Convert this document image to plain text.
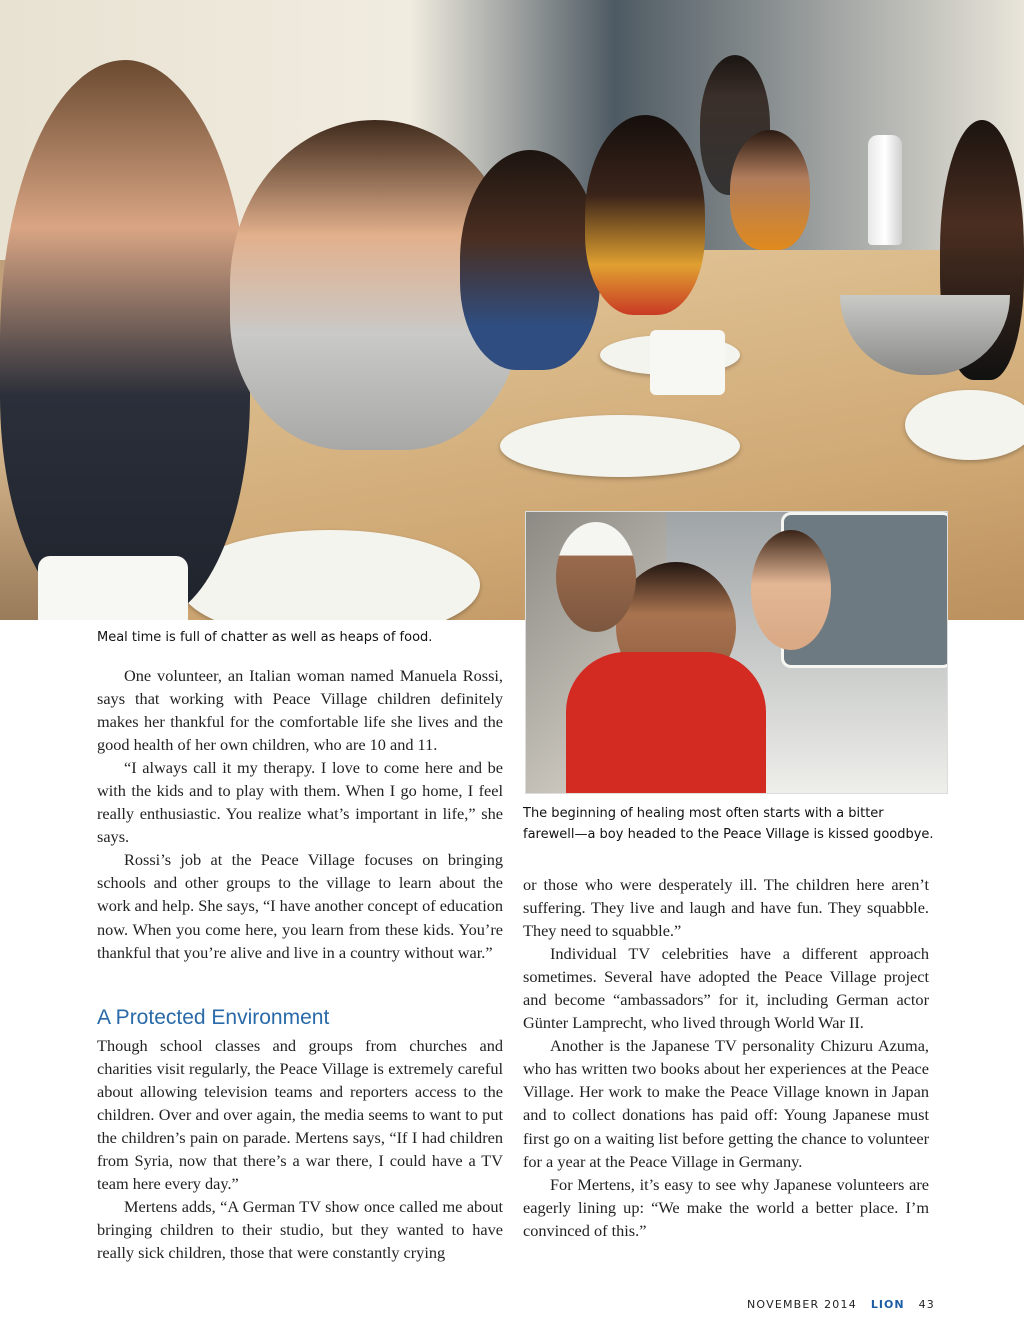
Meal time is full of chatter as well as heaps of food.
The beginning of healing most often starts with a bitter
farewell—a boy headed to the Peace Village is kissed goodbye.

One volunteer, an Italian woman named Manuela Rossi, says that working with Peace Village children definitely makes her thankful for the comfortable life she lives and the good health of her own children, who are 10 and 11.

“I always call it my therapy. I love to come here and be with the kids and to play with them. When I go home, I feel really enthusiastic. You realize what’s important in life,” she says.

Rossi’s job at the Peace Village focuses on bringing schools and other groups to the village to learn about the work and help. She says, “I have another concept of education now. When you come here, you learn from these kids. You’re thankful that you’re alive and live in a country without war.”

A Protected Environment

Though school classes and groups from churches and charities visit regularly, the Peace Village is extremely careful about allowing television teams and reporters access to the children. Over and over again, the media seems to want to put the children’s pain on parade. Mertens says, “If I had children from Syria, now that there’s a war there, I could have a TV team here every day.”

Mertens adds, “A German TV show once called me about bringing children to their studio, but they wanted to have really sick children, those that were constantly crying

or those who were desperately ill. The children here aren’t suffering. They live and laugh and have fun. They squabble. They need to squabble.”

Individual TV celebrities have a different approach sometimes. Several have adopted the Peace Village project and become “ambassadors” for it, including German actor Günter Lamprecht, who lived through World War II.

Another is the Japanese TV personality Chizuru Azuma, who has written two books about her experiences at the Peace Village. Her work to make the Peace Village known in Japan and to collect donations has paid off: Young Japanese must first go on a waiting list before getting the chance to volunteer for a year at the Peace Village in Germany.

For Mertens, it’s easy to see why Japanese volunteers are eagerly lining up: “We make the world a better place. I’m convinced of this.”

NOVEMBER 2014 LION 43
